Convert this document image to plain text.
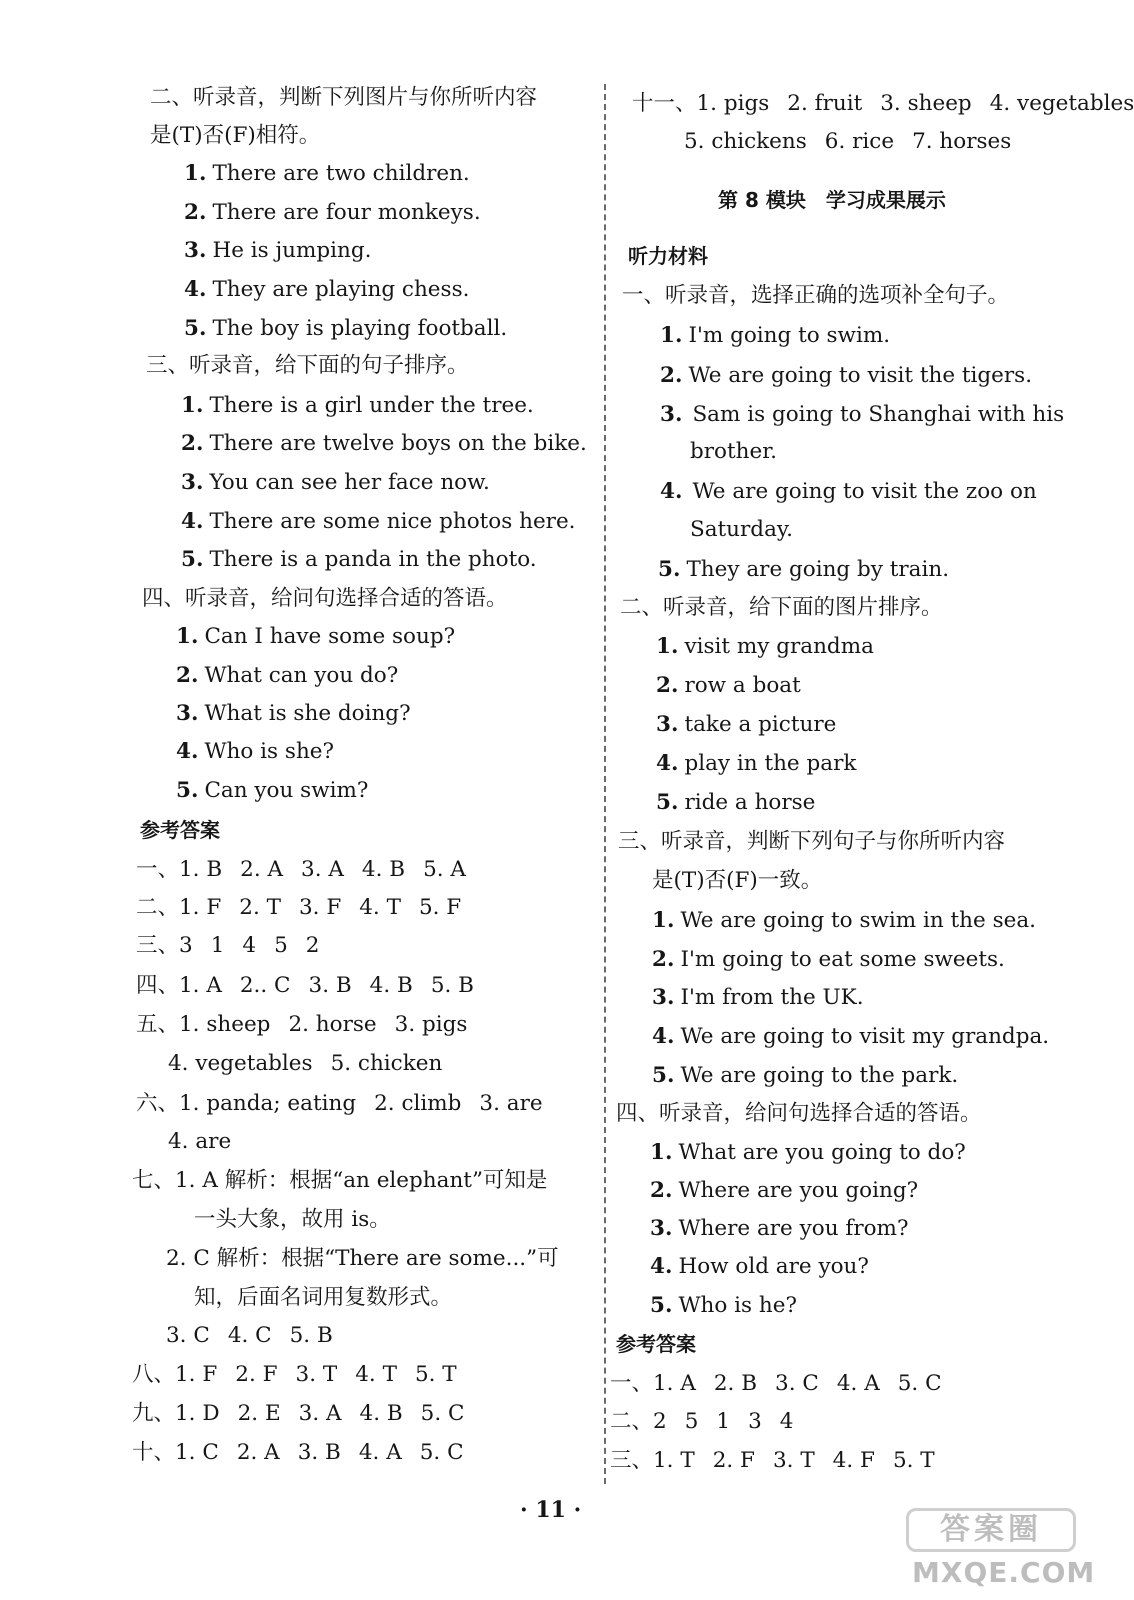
二、听录音，判断下列图片与你所听内容
是(T)否(F)相符。
1. There are two children.
2. There are four monkeys.
3. He is jumping.
4. They are playing chess.
5. The boy is playing football.
三、听录音，给下面的句子排序。
1. There is a girl under the tree.
2. There are twelve boys on the bike.
3. You can see her face now.
4. There are some nice photos here.
5. There is a panda in the photo.
四、听录音，给问句选择合适的答语。
1. Can I have some soup?
2. What can you do?
3. What is she doing?
4. Who is she?
5. Can you swim?
参考答案
一、1. B 2. A 3. A 4. B 5. A
二、1. F 2. T 3. F 4. T 5. F
三、3 1 4 5 2
四、1. A 2.. C 3. B 4. B 5. B
五、1. sheep 2. horse 3. pigs
4. vegetables 5. chicken
六、1. panda; eating 2. climb 3. are
4. are
七、1. A 解析：根据“an elephant”可知是
一头大象，故用 is。
2. C 解析：根据“There are some...”可
知，后面名词用复数形式。
3. C 4. C 5. B
八、1. F 2. F 3. T 4. T 5. T
九、1. D 2. E 3. A 4. B 5. C
十、1. C 2. A 3. B 4. A 5. C
十一、1. pigs 2. fruit 3. sheep 4. vegetables
5. chickens 6. rice 7. horses
第 8 模块　学习成果展示
听力材料
一、听录音，选择正确的选项补全句子。
1. I'm going to swim.
2. We are going to visit the tigers.
3. Sam is going to Shanghai with his
brother.
4. We are going to visit the zoo on
Saturday.
5. They are going by train.
二、听录音，给下面的图片排序。
1. visit my grandma
2. row a boat
3. take a picture
4. play in the park
5. ride a horse
三、听录音，判断下列句子与你所听内容
是(T)否(F)一致。
1. We are going to swim in the sea.
2. I'm going to eat some sweets.
3. I'm from the UK.
4. We are going to visit my grandpa.
5. We are going to the park.
四、听录音，给问句选择合适的答语。
1. What are you going to do?
2. Where are you going?
3. Where are you from?
4. How old are you?
5. Who is he?
参考答案
一、1. A 2. B 3. C 4. A 5. C
二、2 5 1 3 4
三、1. T 2. F 3. T 4. F 5. T
· 11 ·
答案圈
MXQE.COM
